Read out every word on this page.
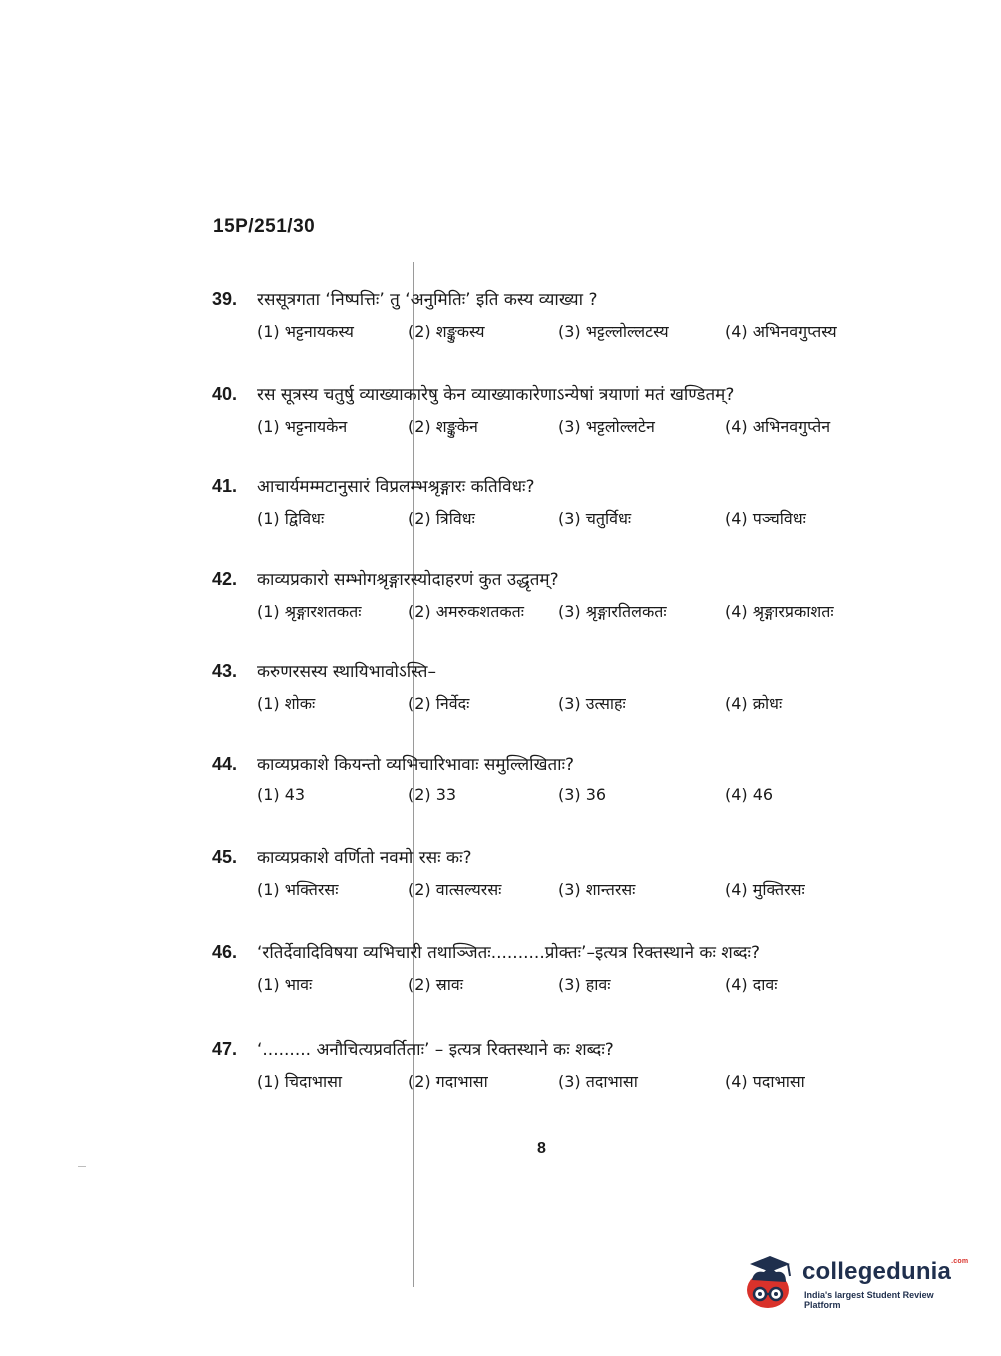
15P/251/30
39.	रससूत्रगता ‘निष्पत्तिः’ तु ‘अनुमितिः’ इति कस्य व्याख्या ?
(1) भट्टनायकस्य	(2) शङ्कुकस्य	(3) भट्टल्लोल्लटस्य	(4) अभिनवगुप्तस्य
40.	रस सूत्रस्य चतुर्षु व्याख्याकारेषु केन व्याख्याकारेणाऽन्येषां त्रयाणां मतं खण्डितम्?
(1) भट्टनायकेन	(2) शङ्कुकेन	(3) भट्टलोल्लटेन	(4) अभिनवगुप्तेन
41.	आचार्यमम्मटानुसारं विप्रलम्भश्रृङ्गारः कतिविधः?
(1) द्विविधः	(2) त्रिविधः	(3) चतुर्विधः	(4) पञ्चविधः
42.	काव्यप्रकारो सम्भोगश्रृङ्गारस्योदाहरणं कुत उद्धृतम्?
(1) श्रृङ्गारशतकतः	(2) अमरुकशतकतः (3) श्रृङ्गारतिलकतः	(4) श्रृङ्गारप्रकाशतः
43.	करुणरसस्य स्थायिभावोऽस्ति–
(1) शोकः	(2) निर्वेदः	(3) उत्साहः	(4) क्रोधः
44.	काव्यप्रकाशे कियन्तो व्यभिचारिभावाः समुल्लिखिताः?
(1) 43	(2) 33	(3) 36	(4) 46
45.	काव्यप्रकाशे वर्णितो नवमो रसः कः?
(1) भक्तिरसः	(2) वात्सल्यरसः	(3) शान्तरसः	(4) मुक्तिरसः
46.	‘रतिर्देवादिविषया व्यभिचारी तथाञ्जितः..........प्रोक्तः’–इत्यत्र रिक्तस्थाने कः शब्दः?
(1) भावः	(2) स्रावः	(3) हावः	(4) दावः
47.	‘......... अनौचित्यप्रवर्तिताः’ – इत्यत्र रिक्तस्थाने कः शब्दः?
(1) चिदाभासा	(2) गदाभासा	(3) तदाभासा	(4) पदाभासा
8
collegedunia$^{.com}$
India's largest Student Review Platform
